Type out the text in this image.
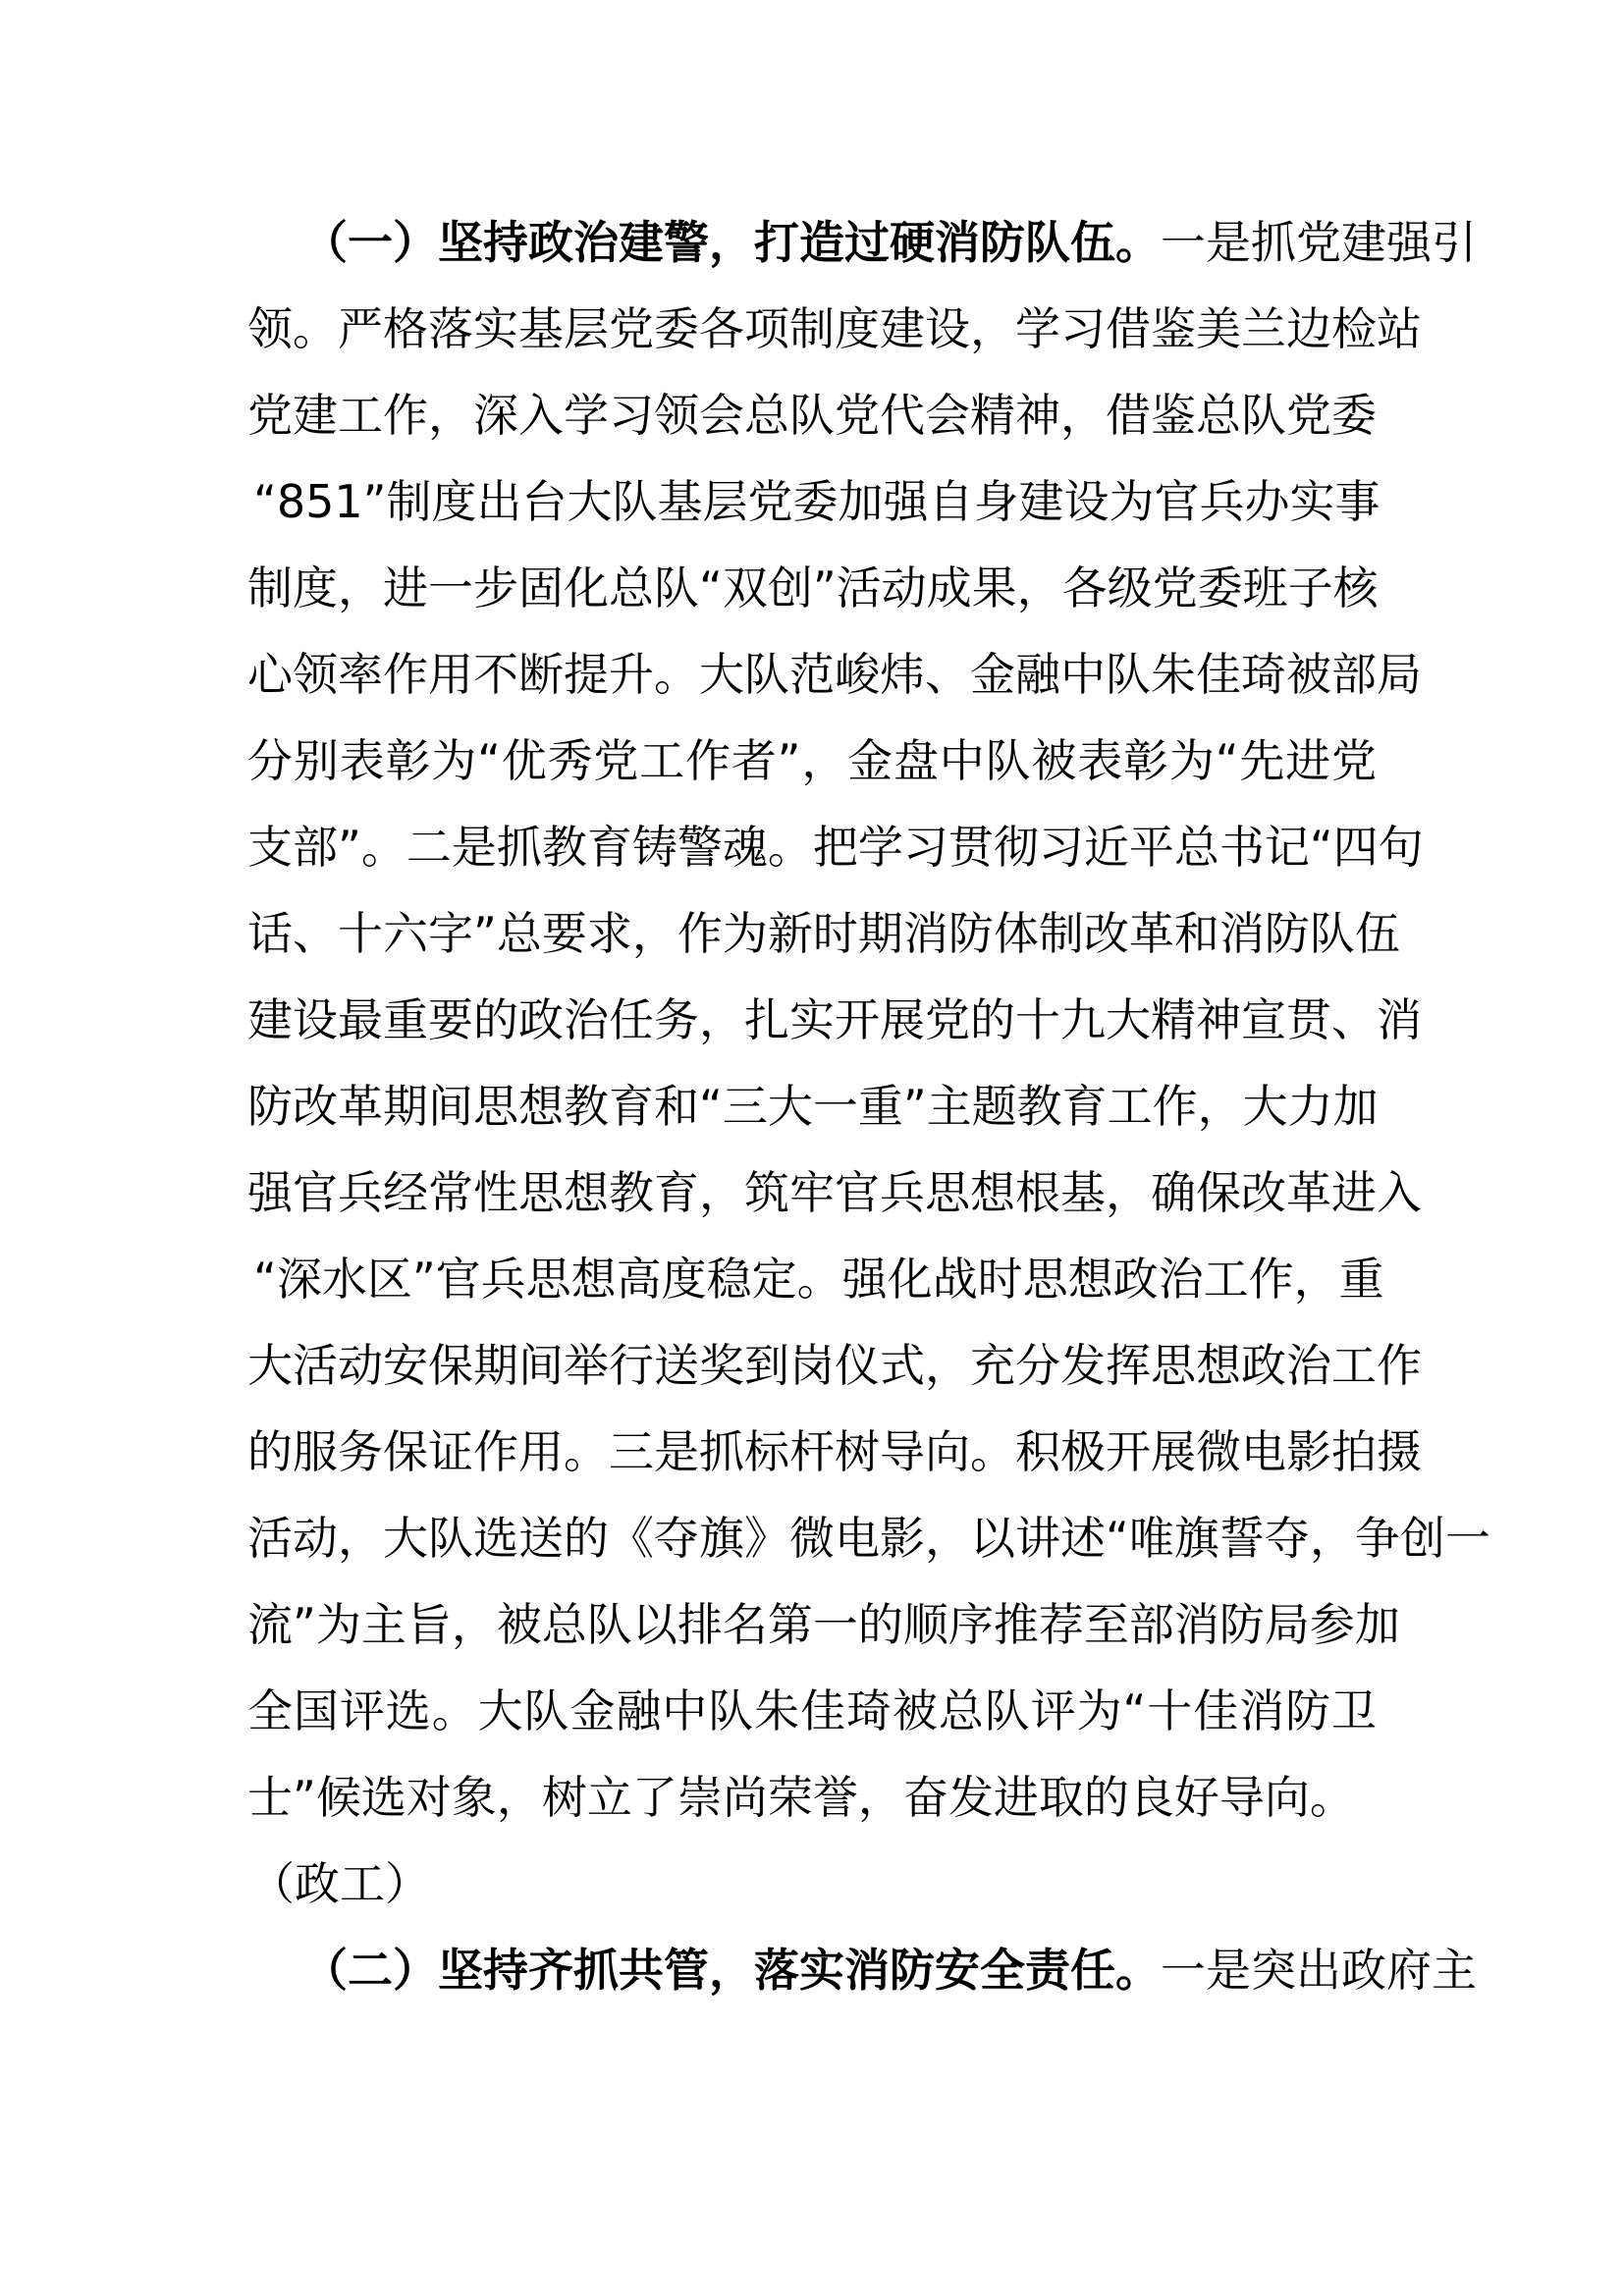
（一）坚持政治建警，打造过硬消防队伍。一是抓党建强引
领。严格落实基层党委各项制度建设，学习借鉴美兰边检站
党建工作，深入学习领会总队党代会精神，借鉴总队党委
“851”制度出台大队基层党委加强自身建设为官兵办实事
制度，进一步固化总队“双创”活动成果，各级党委班子核
心领率作用不断提升。大队范峻炜、金融中队朱佳琦被部局
分别表彰为“优秀党工作者”，金盘中队被表彰为“先进党
支部”。二是抓教育铸警魂。把学习贯彻习近平总书记“四句
话、十六字”总要求，作为新时期消防体制改革和消防队伍
建设最重要的政治任务，扎实开展党的十九大精神宣贯、消
防改革期间思想教育和“三大一重”主题教育工作，大力加
强官兵经常性思想教育，筑牢官兵思想根基，确保改革进入
“深水区”官兵思想高度稳定。强化战时思想政治工作，重
大活动安保期间举行送奖到岗仪式，充分发挥思想政治工作
的服务保证作用。三是抓标杆树导向。积极开展微电影拍摄
活动，大队选送的《夺旗》微电影，以讲述“唯旗誓夺，争创一
流”为主旨，被总队以排名第一的顺序推荐至部消防局参加
全国评选。大队金融中队朱佳琦被总队评为“十佳消防卫
士”候选对象，树立了崇尚荣誉，奋发进取的良好导向。
（政工）
（二）坚持齐抓共管，落实消防安全责任。一是突出政府主
